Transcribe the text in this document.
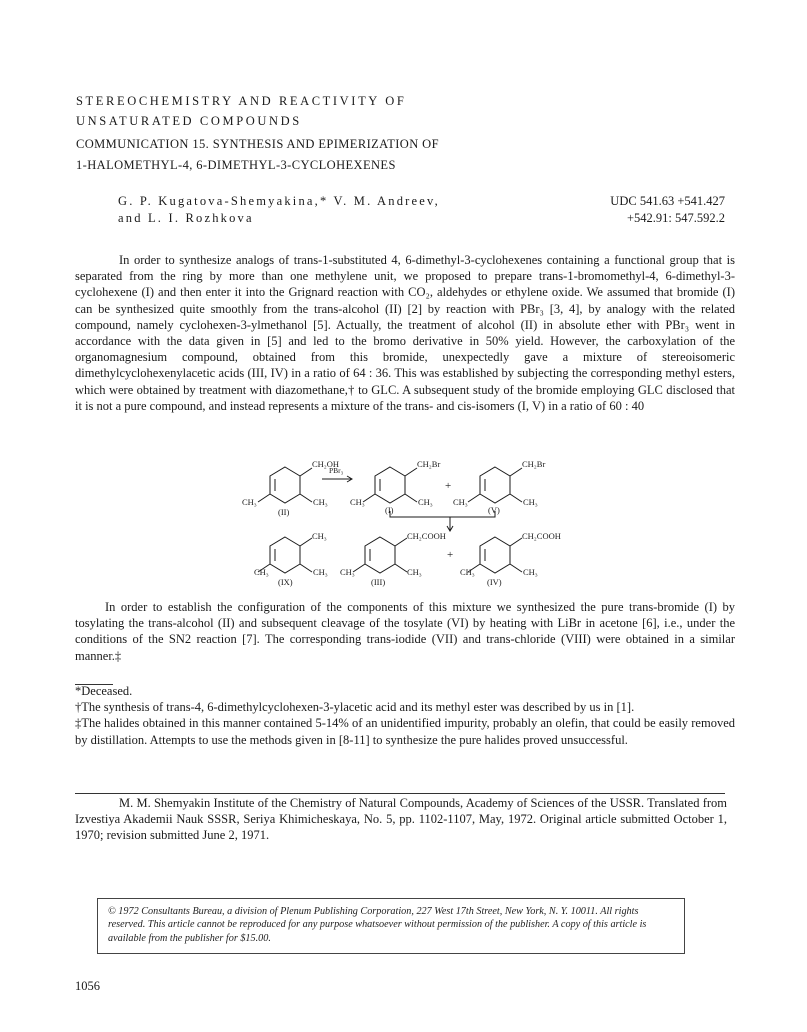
STEREOCHEMISTRY AND REACTIVITY OF
UNSATURATED COMPOUNDS
COMMUNICATION 15. SYNTHESIS AND EPIMERIZATION OF
1-HALOMETHYL-4, 6-DIMETHYL-3-CYCLOHEXENES
G. P. Kugatova-Shemyakina,* V. M. Andreev,
and L. I. Rozhkova
UDC 541.63 +541.427
+542.91: 547.592.2

In order to synthesize analogs of trans-1-substituted 4, 6-dimethyl-3-cyclohexenes containing a functional group that is separated from the ring by more than one methylene unit, we proposed to prepare trans-1-bromomethyl-4, 6-dimethyl-3-cyclohexene (I) and then enter it into the Grignard reaction with CO₂, aldehydes or ethylene oxide. We assumed that bromide (I) can be synthesized quite smoothly from the trans-alcohol (II) [2] by reaction with PBr₃ [3, 4], by analogy with the related compound, namely cyclohexen-3-ylmethanol [5]. Actually, the treatment of alcohol (II) in absolute ether with PBr₃ went in accordance with the data given in [5] and led to the bromo derivative in 50% yield. However, the carboxylation of the organomagnesium compound, obtained from this bromide, unexpectedly gave a mixture of stereoisomeric dimethylcyclohexenylacetic acids (III, IV) in a ratio of 64 : 36. This was established by subjecting the corresponding methyl esters, which were obtained by treatment with diazomethane,† to GLC. A subsequent study of the bromide employing GLC disclosed that it is not a pure compound, and instead represents a mixture of the trans- and cis-isomers (I, V) in a ratio of 60 : 40

CH₂OH
CH₃	CH₃
(II)
PBr₃
CH₂Br
CH₃	CH₃
(I)
+
CH₂Br
CH₃	CH₃
(V)
CH₃
CH₃	CH₃
(IX)
CH₂COOH
CH₃	CH₃
(III)
+
CH₂COOH
CH₃	CH₃
(IV)

In order to establish the configuration of the components of this mixture we synthesized the pure trans-bromide (I) by tosylating the trans-alcohol (II) and subsequent cleavage of the tosylate (VI) by heating with LiBr in acetone [6], i.e., under the conditions of the SN2 reaction [7]. The corresponding trans-iodide (VII) and trans-chloride (VIII) were obtained in a similar manner.‡

*Deceased.

†The synthesis of trans-4, 6-dimethylcyclohexen-3-ylacetic acid and its methyl ester was described by us in [1].

‡The halides obtained in this manner contained 5-14% of an unidentified impurity, probably an olefin, that could be easily removed by distillation. Attempts to use the methods given in [8-11] to synthesize the pure halides proved unsuccessful.

M. M. Shemyakin Institute of the Chemistry of Natural Compounds, Academy of Sciences of the USSR. Translated from Izvestiya Akademii Nauk SSSR, Seriya Khimicheskaya, No. 5, pp. 1102-1107, May, 1972. Original article submitted October 1, 1970; revision submitted June 2, 1971.

© 1972 Consultants Bureau, a division of Plenum Publishing Corporation, 227 West 17th Street, New York, N. Y. 10011. All rights reserved. This article cannot be reproduced for any purpose whatsoever without permission of the publisher. A copy of this article is available from the publisher for $15.00.
1056
